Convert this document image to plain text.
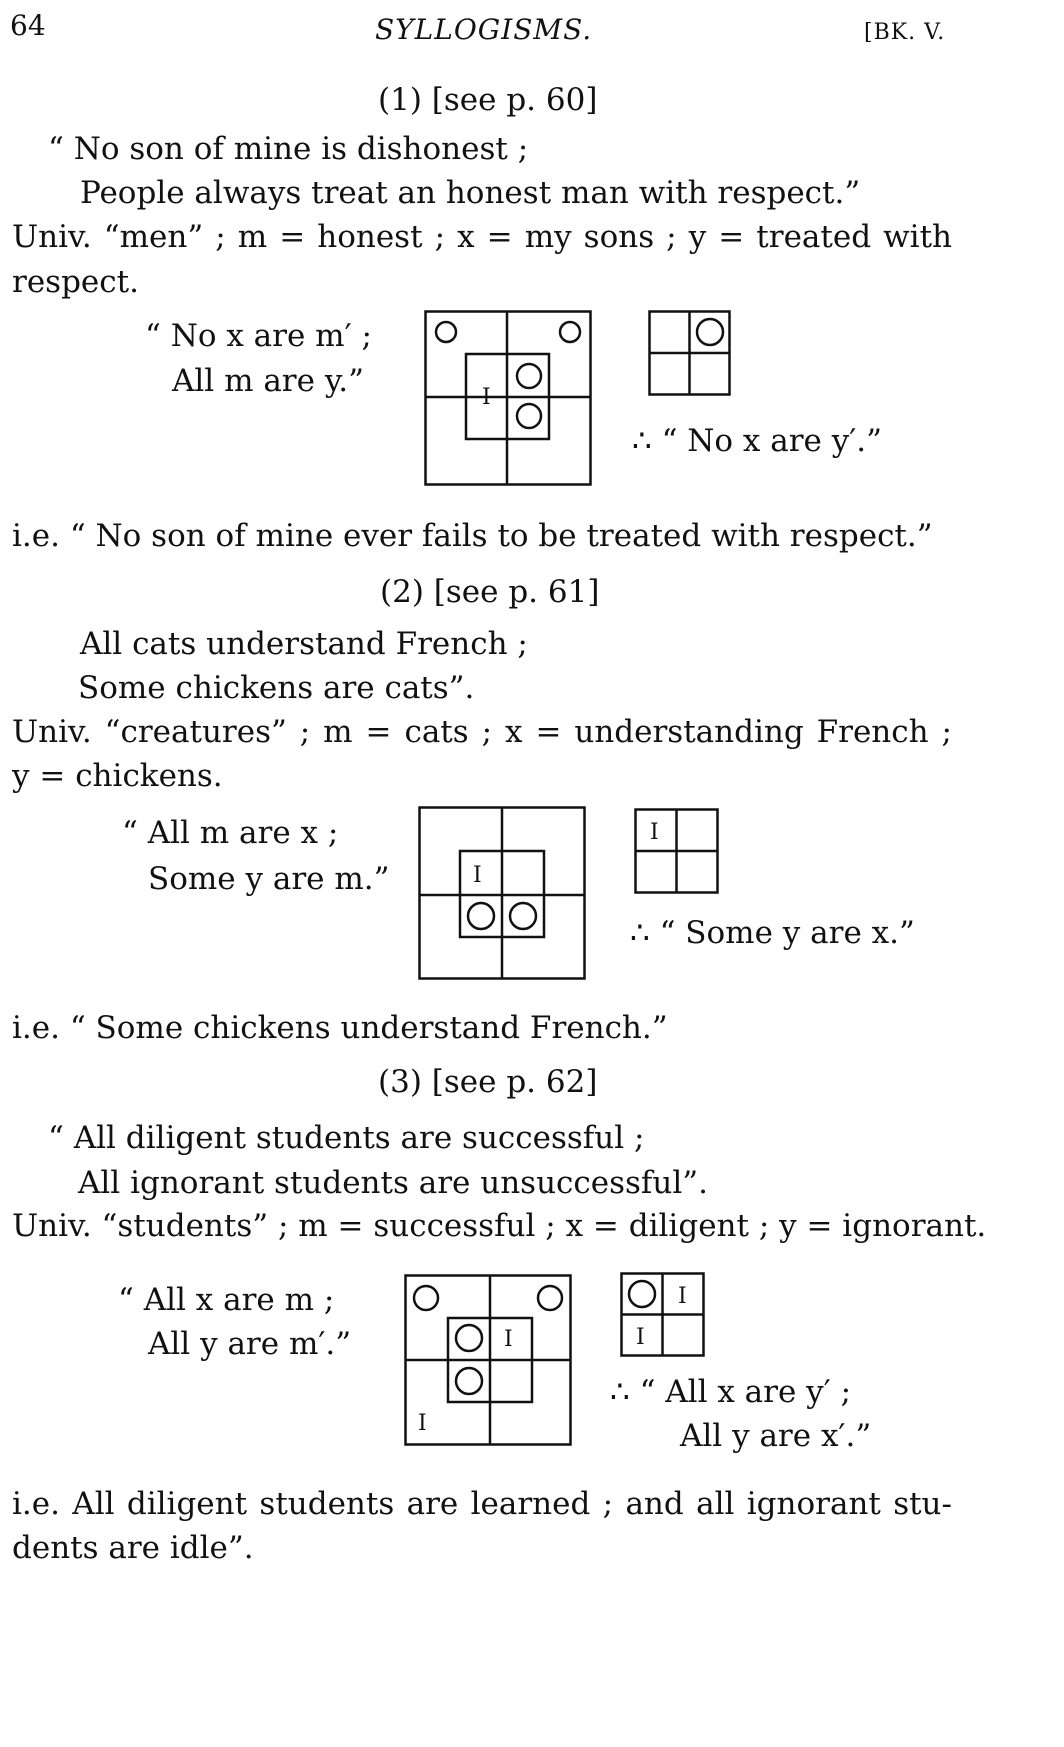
64	SYLLOGISMS.	[BK. V.
(1) [see p. 60]
“ No son of mine is dishonest ;
People always treat an honest man with respect.”
Univ. “men” ; m = honest ; x = my sons ; y = treated with
respect.
“ No x are m′ ;
All m are y.”	I
∴ “ No x are y′.”
i.e. “ No son of mine ever fails to be treated with respect.”
(2) [see p. 61]
All cats understand French ;
Some chickens are cats”.
Univ. “creatures” ; m = cats ; x = understanding French ;
y = chickens.
“ All m are x ;
Some y are m.”	I
I
∴ “ Some y are x.”
i.e. “ Some chickens understand French.”
(3) [see p. 62]
“ All diligent students are successful ;
All ignorant students are unsuccessful”.
Univ. “students” ; m = successful ; x = diligent ; y = ignorant.
“ All x are m ;
All y are m′.”	I
I
I
I
∴ “ All x are y′ ;
All y are x′.”
i.e. All diligent students are learned ; and all ignorant stu-
dents are idle”.
